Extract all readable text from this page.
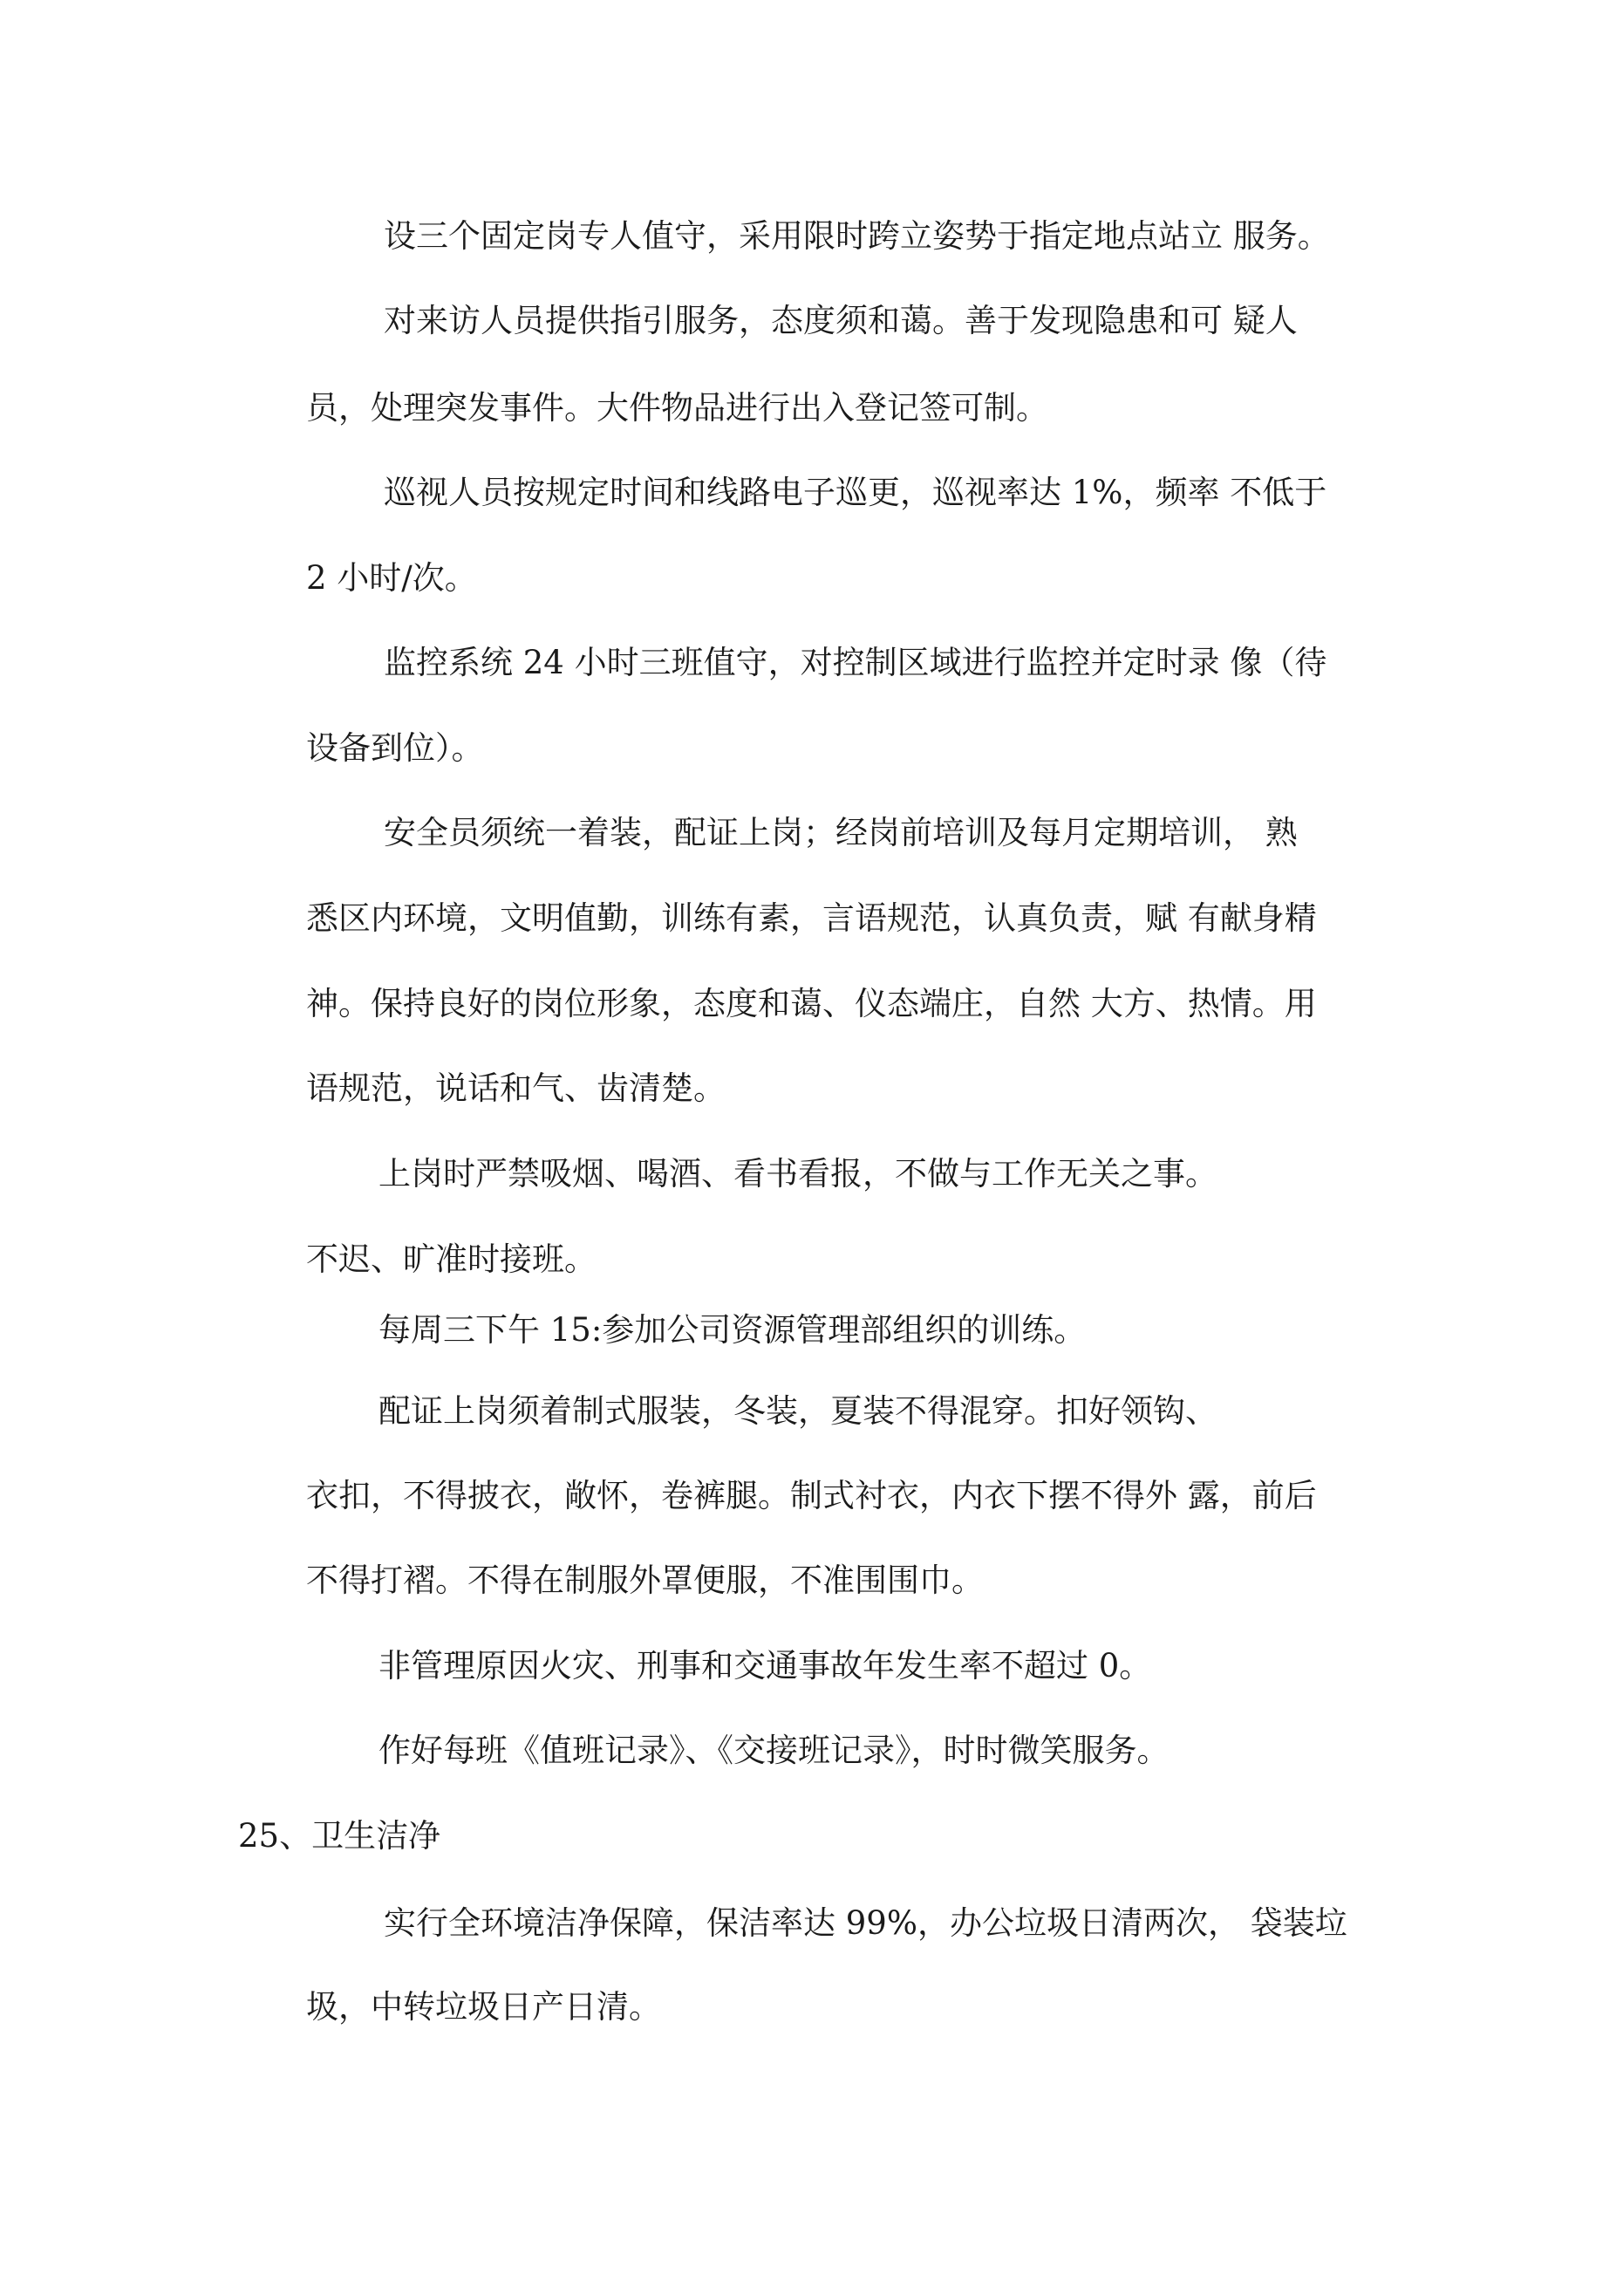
设三个固定岗专人值守，采用限时跨立姿势于指定地点站立 服务。
对来访人员提供指引服务，态度须和蔼。善于发现隐患和可 疑人
员，处理突发事件。大件物品进行出入登记签可制。
巡视人员按规定时间和线路电子巡更，巡视率达 1%，频率 不低于
2 小时/次。
监控系统 24 小时三班值守，对控制区域进行监控并定时录 像（待
设备到位）。
安全员须统一着装，配证上岗；经岗前培训及每月定期培训， 熟
悉区内环境，文明值勤，训练有素，言语规范，认真负责，赋 有献身精
神。保持良好的岗位形象，态度和蔼、仪态端庄，自然 大方、热情。用
语规范，说话和气、齿清楚。
上岗时严禁吸烟、喝酒、看书看报，不做与工作无关之事。
不迟、旷准时接班。
每周三下午 15:参加公司资源管理部组织的训练。
配证上岗须着制式服装，冬装，夏装不得混穿。扣好领钩、
衣扣，不得披衣，敞怀，卷裤腿。制式衬衣，内衣下摆不得外 露，前后
不得打褶。不得在制服外罩便服，不准围围巾。
非管理原因火灾、刑事和交通事故年发生率不超过 0。
作好每班《值班记录》、《交接班记录》，时时微笑服务。
25、卫生洁净
实行全环境洁净保障，保洁率达 99%，办公垃圾日清两次， 袋装垃
圾，中转垃圾日产日清。
